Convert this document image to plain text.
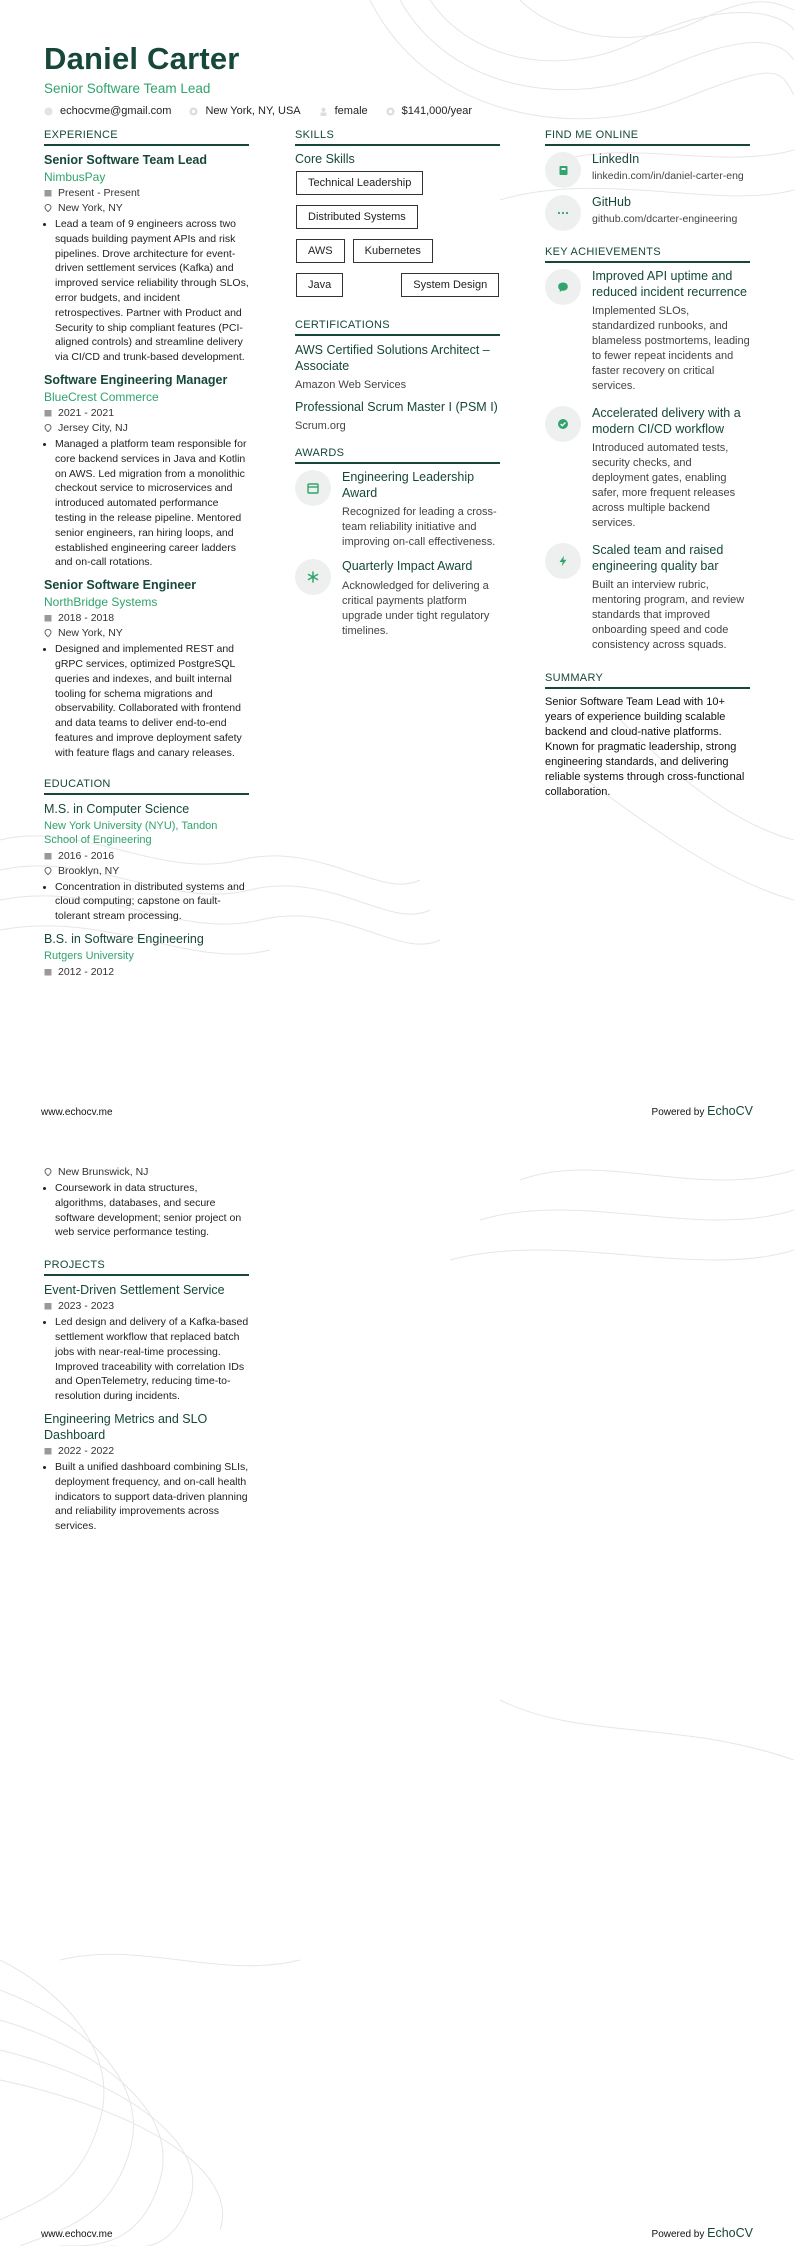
Daniel Carter
Senior Software Team Lead
echocvme@gmail.com	New York, NY, USA	female	$141,000/year
EXPERIENCE
Senior Software Team Lead
NimbusPay
Present - Present
New York, NY
• Lead a team of 9 engineers across two squads building payment APIs and risk pipelines. Drove architecture for event-driven settlement services (Kafka) and improved service reliability through SLOs, error budgets, and incident retrospectives. Partner with Product and Security to ship compliant features (PCI-aligned controls) and streamline delivery via CI/CD and trunk-based development.
Software Engineering Manager
BlueCrest Commerce
2021 - 2021
Jersey City, NJ
• Managed a platform team responsible for core backend services in Java and Kotlin on AWS. Led migration from a monolithic checkout service to microservices and introduced automated performance testing in the release pipeline. Mentored senior engineers, ran hiring loops, and established engineering career ladders and on-call rotations.
Senior Software Engineer
NorthBridge Systems
2018 - 2018
New York, NY
• Designed and implemented REST and gRPC services, optimized PostgreSQL queries and indexes, and built internal tooling for schema migrations and observability. Collaborated with frontend and data teams to deliver end-to-end features and improve deployment safety with feature flags and canary releases.
EDUCATION
M.S. in Computer Science
New York University (NYU), Tandon School of Engineering
2016 - 2016
Brooklyn, NY
• Concentration in distributed systems and cloud computing; capstone on fault-tolerant stream processing.
B.S. in Software Engineering
Rutgers University
2012 - 2012
SKILLS
Core Skills
Technical Leadership
Distributed Systems
AWS	Kubernetes
Java	System Design
CERTIFICATIONS
AWS Certified Solutions Architect – Associate
Amazon Web Services
Professional Scrum Master I (PSM I)
Scrum.org
AWARDS
Engineering Leadership Award
Recognized for leading a cross-team reliability initiative and improving on-call effectiveness.
Quarterly Impact Award
Acknowledged for delivering a critical payments platform upgrade under tight regulatory timelines.
FIND ME ONLINE
LinkedIn
linkedin.com/in/daniel-carter-eng
GitHub
github.com/dcarter-engineering
KEY ACHIEVEMENTS
Improved API uptime and reduced incident recurrence
Implemented SLOs, standardized runbooks, and blameless postmortems, leading to fewer repeat incidents and faster recovery on critical services.
Accelerated delivery with a modern CI/CD workflow
Introduced automated tests, security checks, and deployment gates, enabling safer, more frequent releases across multiple backend services.
Scaled team and raised engineering quality bar
Built an interview rubric, mentoring program, and review standards that improved onboarding speed and code consistency across squads.
SUMMARY
Senior Software Team Lead with 10+ years of experience building scalable backend and cloud-native platforms. Known for pragmatic leadership, strong engineering standards, and delivering reliable systems through cross-functional collaboration.
www.echocv.me	Powered by EchoCV
New Brunswick, NJ
• Coursework in data structures, algorithms, databases, and secure software development; senior project on web service performance testing.
PROJECTS
Event-Driven Settlement Service
2023 - 2023
• Led design and delivery of a Kafka-based settlement workflow that replaced batch jobs with near-real-time processing. Improved traceability with correlation IDs and OpenTelemetry, reducing time-to-resolution during incidents.
Engineering Metrics and SLO Dashboard
2022 - 2022
• Built a unified dashboard combining SLIs, deployment frequency, and on-call health indicators to support data-driven planning and reliability improvements across services.
www.echocv.me	Powered by EchoCV
